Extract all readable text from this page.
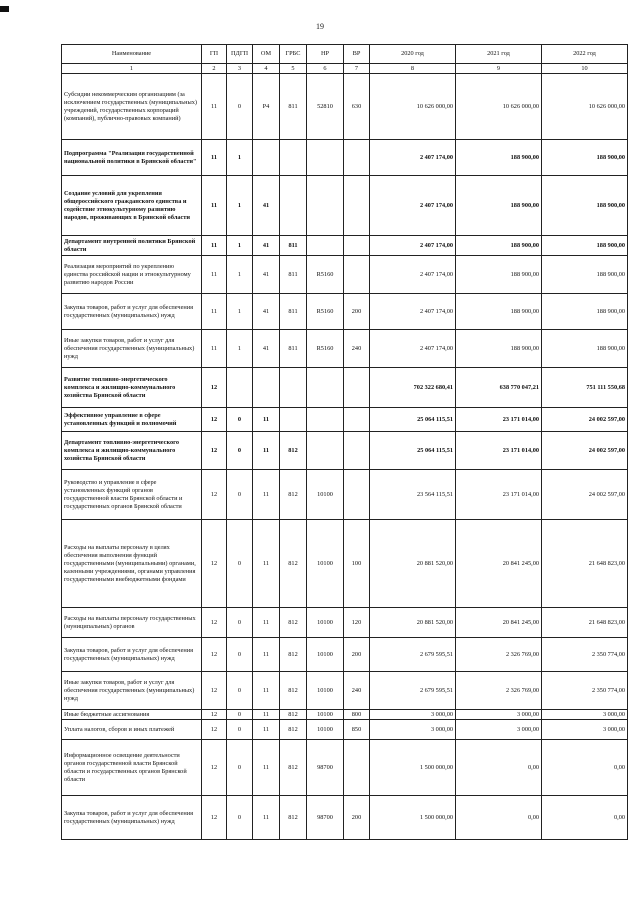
19
Наименование	ГП	ПДГП	ОМ	ГРБС	НР	ВР	2020 год	2021 год	2022 год
1	2	3	4	5	6	7	8	9	10
Субсидии некоммерческим организациям (за исключением государственных (муниципальных) учреждений, государственных корпораций (компаний), публично-правовых компаний)	11	0	Р4	811	52810	630	10 626 000,00	10 626 000,00	10 626 000,00
Подпрограмма "Реализация государственной национальной политики в Брянской области"	11	1					2 407 174,00	188 900,00	188 900,00
Создание условий для укрепления общероссийского гражданского единства и содействие этнокультурному развитию народов, проживающих в Брянской области	11	1	41				2 407 174,00	188 900,00	188 900,00
Департамент внутренней политики Брянской области	11	1	41	811			2 407 174,00	188 900,00	188 900,00
Реализация мероприятий по укреплению единства российской нации и этнокультурному развитию народов России	11	1	41	811	R5160		2 407 174,00	188 900,00	188 900,00
Закупка товаров, работ и услуг для обеспечения государственных (муниципальных) нужд	11	1	41	811	R5160	200	2 407 174,00	188 900,00	188 900,00
Иные закупки товаров, работ и услуг для обеспечения государственных (муниципальных) нужд	11	1	41	811	R5160	240	2 407 174,00	188 900,00	188 900,00
Развитие топливно-энергетического комплекса и жилищно-коммунального хозяйства Брянской области	12						702 322 680,41	638 770 047,21	751 111 550,68
Эффективное управление в сфере установленных функций и полномочий	12	0	11				25 064 115,51	23 171 014,00	24 002 597,00
Департамент топливно-энергетического комплекса и жилищно-коммунального хозяйства Брянской области	12	0	11	812			25 064 115,51	23 171 014,00	24 002 597,00
Руководство и управление в сфере установленных функций органов государственной власти Брянской области и государственных органов Брянской области	12	0	11	812	10100		23 564 115,51	23 171 014,00	24 002 597,00
Расходы на выплаты персоналу в целях обеспечения выполнения функций государственными (муниципальными) органами, казенными учреждениями, органами управления государственными внебюджетными фондами	12	0	11	812	10100	100	20 881 520,00	20 841 245,00	21 648 823,00
Расходы на выплаты персоналу государственных (муниципальных) органов	12	0	11	812	10100	120	20 881 520,00	20 841 245,00	21 648 823,00
Закупка товаров, работ и услуг для обеспечения государственных (муниципальных) нужд	12	0	11	812	10100	200	2 679 595,51	2 326 769,00	2 350 774,00
Иные закупки товаров, работ и услуг для обеспечения государственных (муниципальных) нужд	12	0	11	812	10100	240	2 679 595,51	2 326 769,00	2 350 774,00
Иные бюджетные ассигнования	12	0	11	812	10100	800	3 000,00	3 000,00	3 000,00
Уплата налогов, сборов и иных платежей	12	0	11	812	10100	850	3 000,00	3 000,00	3 000,00
Информационное освещение деятельности органов государственной власти Брянской области и государственных органов Брянской области	12	0	11	812	98700		1 500 000,00	0,00	0,00
Закупка товаров, работ и услуг для обеспечения государственных (муниципальных) нужд	12	0	11	812	98700	200	1 500 000,00	0,00	0,00
